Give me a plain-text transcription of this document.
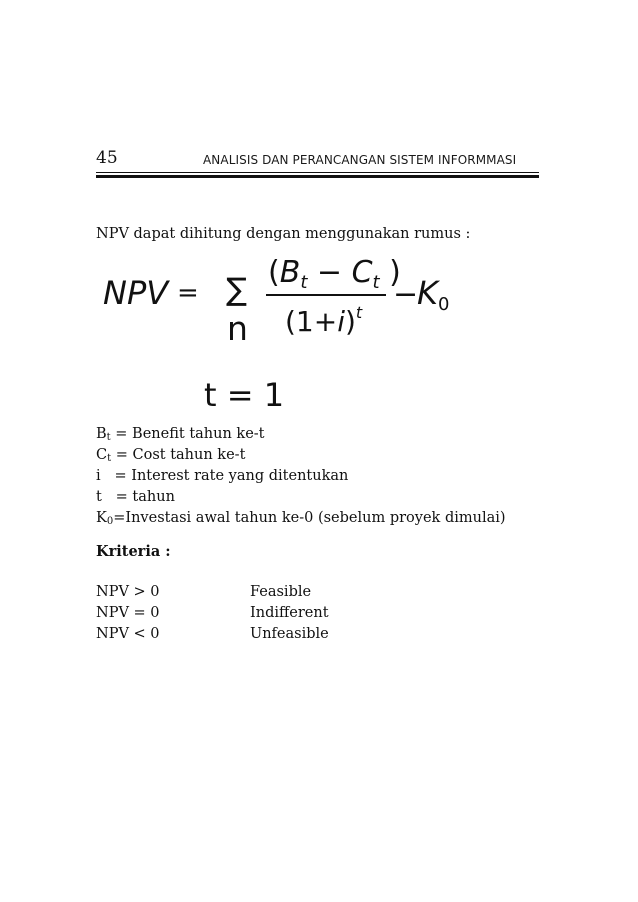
45	ANALISIS DAN PERANCANGAN SISTEM INFORMMASI
NPV dapat dihitung dengan menggunakan rumus :
NPV = ∑
n
($B_t - C_t$ )
$(1+i)^t$
−
$K_0$
t = 1
$B_t$ = Benefit tahun ke-t
$C_t$ = Cost tahun ke-t
i   = Interest rate yang ditentukan
t   = tahun
$K_0=Investasi$ awal tahun ke-0 (sebelum proyek dimulai)
Kriteria :
NPV > 0	Feasible
NPV = 0	Indifferent
NPV < 0	Unfeasible
